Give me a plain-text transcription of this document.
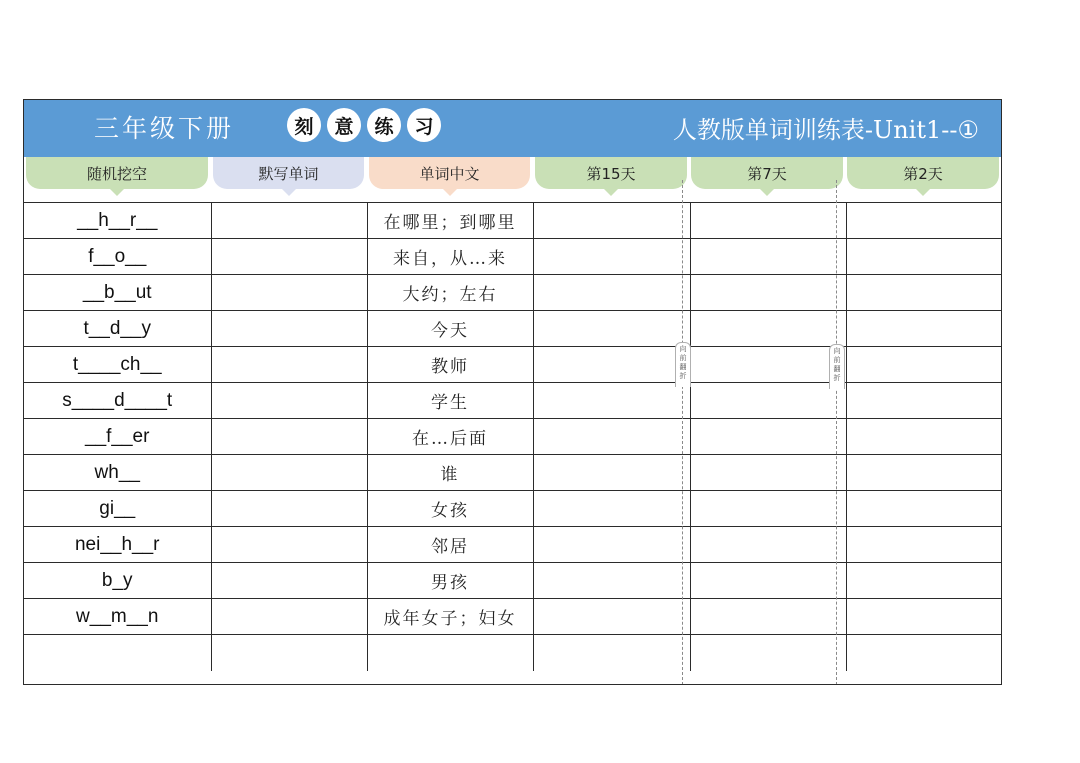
三年级下册	刻	意	练	习	人教版单词训练表-Unit1--①
随机挖空	默写单词	单词中文	第15天	第7天	第2天
__h__r__		在哪里；到哪里			
f__o__		来自，从…来			
__b__ut		大约；左右			
t__d__y		今天			
t____ch__		教师			
s____d____t		学生			
__f__er		在…后面			
wh__		谁			
gi__		女孩			
nei__h__r		邻居			
b_y		男孩			
w__m__n		成年女子；妇女			

向
前
翻
折
向
前
翻
折
